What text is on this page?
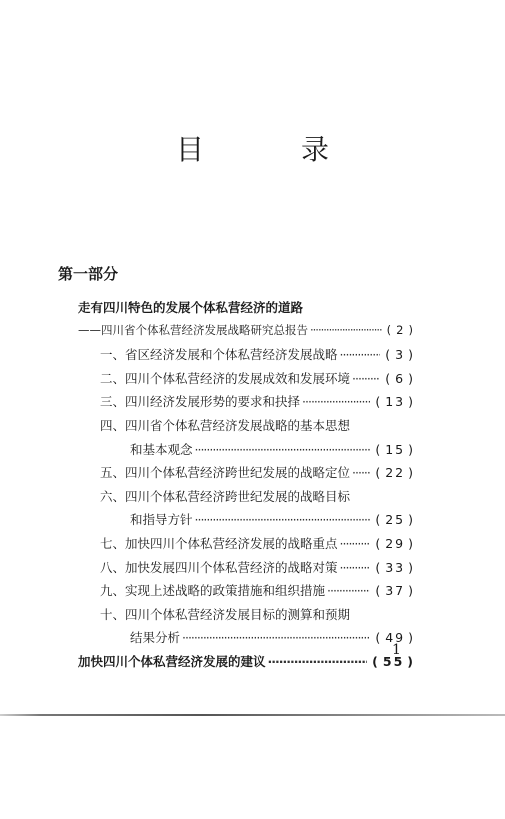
目 录
第一部分
走有四川特色的发展个体私营经济的道路
——四川省个体私营经济发展战略研究总报告 ·····	( 2 )
一、 省区经济发展和个体私营经济发展战略 ·····	( 3 )
二、 四川个体私营经济的发展成效和发展环境 ·····	( 6 )
三、 四川经济发展形势的要求和抉择 ·····	( 13 )
四、 四川省个体私营经济发展战略的基本思想
和基本观念 ·····	( 15 )
五、 四川个体私营经济跨世纪发展的战略定位 ····· ( 22 )
六、 四川个体私营经济跨世纪发展的战略目标
和指导方针 ·····	( 25 )
七、 加快四川个体私营经济发展的战略重点 ·····	( 29 )
八、 加快发展四川个体私营经济的战略对策 ·····	( 33 )
九、 实现上述战略的政策措施和组织措施 ·····	( 37 )
十、 四川个体私营经济发展目标的测算和预期
结果分析 ·····	( 49 )
加快四川个体私营经济发展的建议 ·····	( 55 )
1
